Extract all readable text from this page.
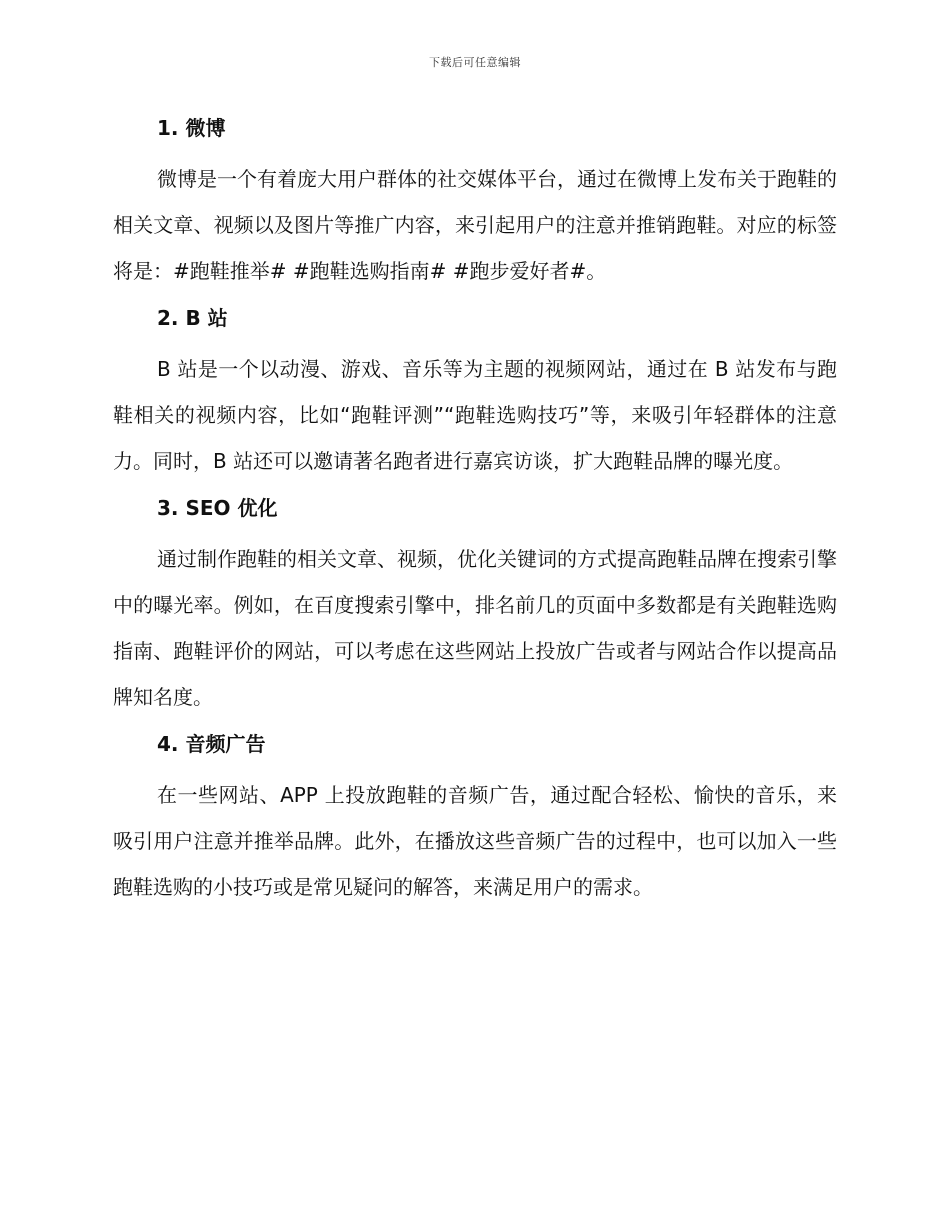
下载后可任意编辑
1. 微博

微博是一个有着庞大用户群体的社交媒体平台，通过在微博上发布关于跑鞋的相关文章、视频以及图片等推广内容，来引起用户的注意并推销跑鞋。对应的标签将是：#跑鞋推举# #跑鞋选购指南# #跑步爱好者#。

2. B 站

B 站是一个以动漫、游戏、音乐等为主题的视频网站，通过在 B 站发布与跑鞋相关的视频内容，比如“跑鞋评测”“跑鞋选购技巧”等，来吸引年轻群体的注意力。同时，B 站还可以邀请著名跑者进行嘉宾访谈，扩大跑鞋品牌的曝光度。

3. SEO 优化

通过制作跑鞋的相关文章、视频，优化关键词的方式提高跑鞋品牌在搜索引擎中的曝光率。例如，在百度搜索引擎中，排名前几的页面中多数都是有关跑鞋选购指南、跑鞋评价的网站，可以考虑在这些网站上投放广告或者与网站合作以提高品牌知名度。

4. 音频广告

在一些网站、APP 上投放跑鞋的音频广告，通过配合轻松、愉快的音乐，来吸引用户注意并推举品牌。此外，在播放这些音频广告的过程中，也可以加入一些跑鞋选购的小技巧或是常见疑问的解答，来满足用户的需求。
